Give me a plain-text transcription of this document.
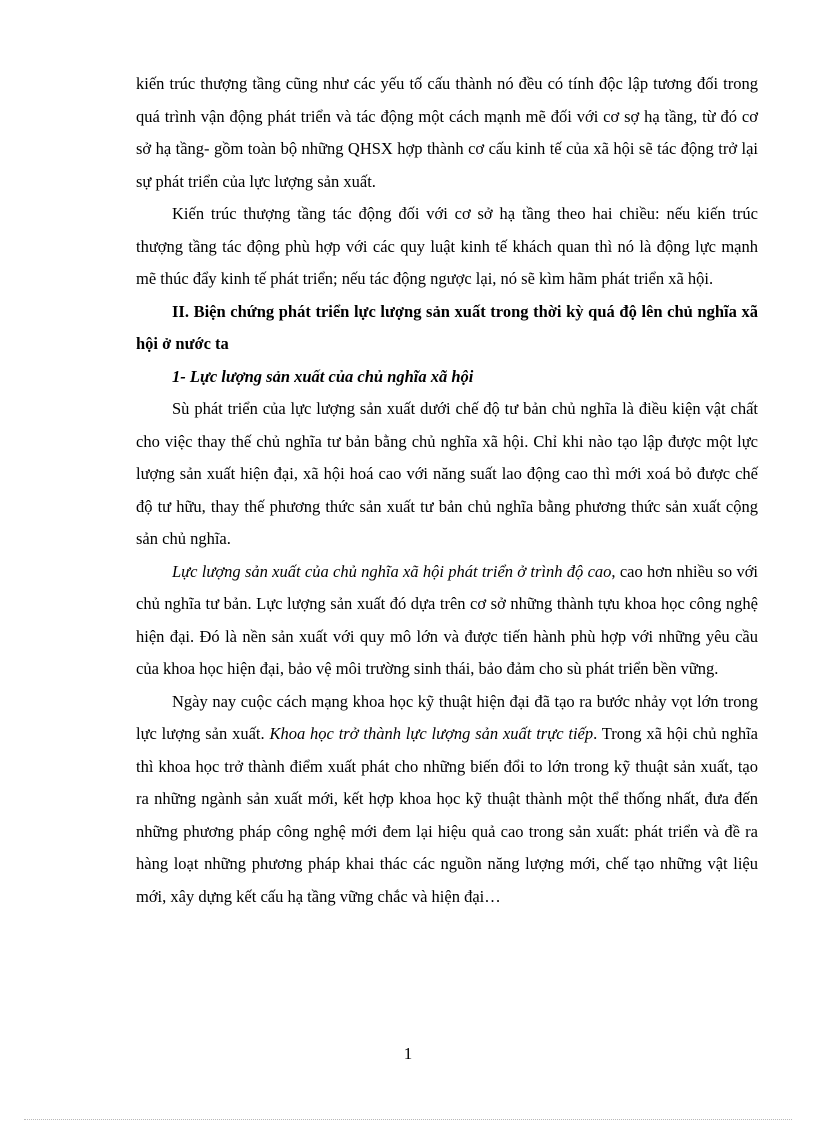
kiến trúc thượng tầng cũng như các yếu tố cấu thành nó đều có tính độc lập tương đối trong quá trình vận động phát triển và tác động một cách mạnh mẽ đối với cơ sợ hạ tầng, từ đó cơ sở hạ tầng- gồm toàn bộ những QHSX hợp thành cơ cấu kinh tế của xã hội sẽ tác động trở lại sự phát triển của lực lượng sản xuất.

Kiến trúc thượng tầng tác động đối với cơ sở hạ tầng theo hai chiều: nếu kiến trúc thượng tầng tác động phù hợp với các quy luật kinh tế khách quan thì nó là động lực mạnh mẽ thúc đẩy kinh tế phát triển; nếu tác động ngược lại, nó sẽ kìm hãm phát triển xã hội.

II. Biện chứng phát triển lực lượng sản xuất trong thời kỳ quá độ lên chủ nghĩa xã hội ở nước ta

1- Lực lượng sản xuất của chủ nghĩa xã hội

Sù phát triển của lực lượng sản xuất dưới chế độ tư bản chủ nghĩa là điều kiện vật chất cho việc thay thế chủ nghĩa tư bản bằng chủ nghĩa xã hội. Chỉ khi nào tạo lập được một lực lượng sản xuất hiện đại, xã hội hoá cao với năng suất lao động cao thì mới xoá bỏ được chế độ tư hữu, thay thế phương thức sản xuất tư bản chủ nghĩa bằng phương thức sản xuất cộng sản chủ nghĩa.

Lực lượng sản xuất của chủ nghĩa xã hội phát triển ở trình độ cao, cao hơn nhiều so với chủ nghĩa tư bản. Lực lượng sản xuất đó dựa trên cơ sở những thành tựu khoa học công nghệ hiện đại. Đó là nền sản xuất với quy mô lớn và được tiến hành phù hợp với những yêu cầu của khoa học hiện đại, bảo vệ môi trường sinh thái, bảo đảm cho sù phát triển bền vững.

Ngày nay cuộc cách mạng khoa học kỹ thuật hiện đại đã tạo ra bước nhảy vọt lớn trong lực lượng sản xuất. Khoa học trở thành lực lượng sản xuất trực tiếp. Trong xã hội chủ nghĩa thì khoa học trở thành điểm xuất phát cho những biến đổi to lớn trong kỹ thuật sản xuất, tạo ra những ngành sản xuất mới, kết hợp khoa học kỹ thuật thành một thể thống nhất, đưa đến những phương pháp công nghệ mới đem lại hiệu quả cao trong sản xuất: phát triển và đề ra hàng loạt những phương pháp khai thác các nguồn năng lượng mới, chế tạo những vật liệu mới, xây dựng kết cấu hạ tầng vững chắc và hiện đại…

1
